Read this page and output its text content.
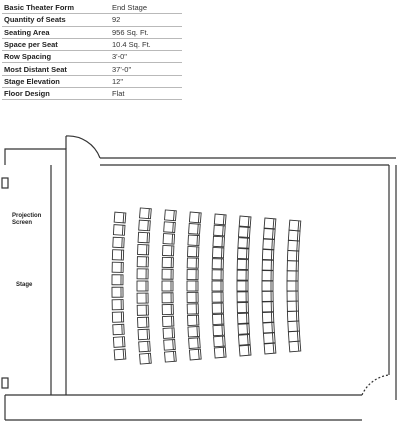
Basic Theater Form	End Stage
Quantity of Seats	92
Seating Area	956 Sq. Ft.
Space per Seat	10.4 Sq. Ft.
Row Spacing	3'-0"
Most Distant Seat	37'-0"
Stage Elevation	12"
Floor Design	Flat
Projection
Screen
Stage
